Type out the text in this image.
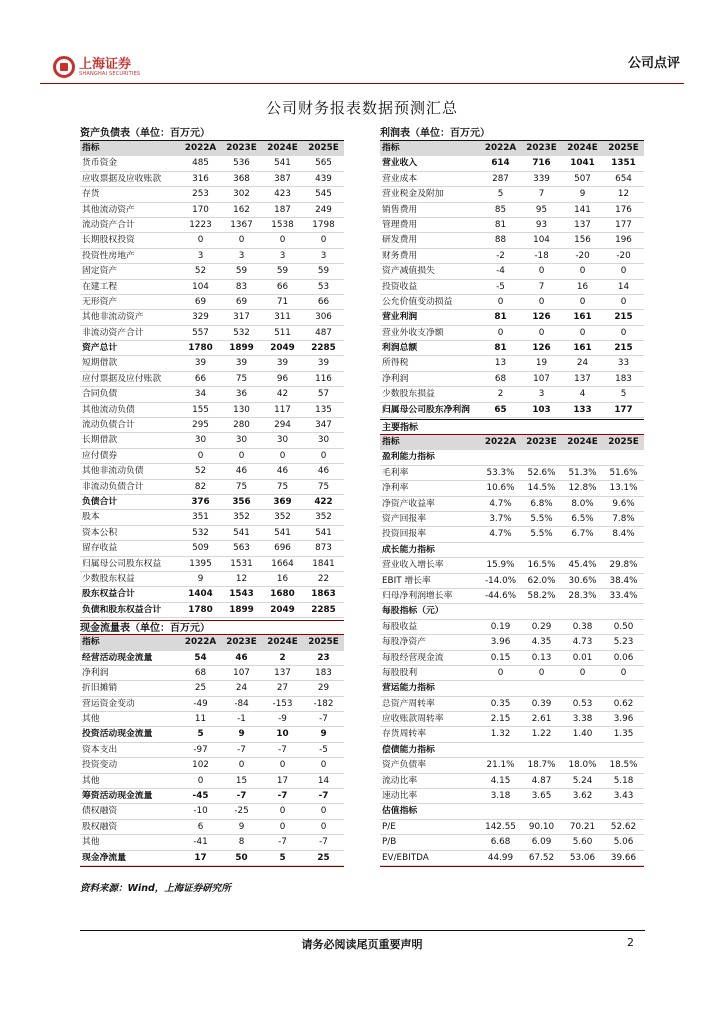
上海证券
SHANGHAI SECURITIES
公司点评
公司财务报表数据预测汇总
资产负债表（单位：百万元）
指标	2022A	2023E	2024E	2025E
货币资金	485	536	541	565
应收票据及应收账款	316	368	387	439
存货	253	302	423	545
其他流动资产	170	162	187	249
流动资产合计	1223	1367	1538	1798
长期股权投资	0	0	0	0
投资性房地产	3	3	3	3
固定资产	52	59	59	59
在建工程	104	83	66	53
无形资产	69	69	71	66
其他非流动资产	329	317	311	306
非流动资产合计	557	532	511	487
资产总计	1780	1899	2049	2285
短期借款	39	39	39	39
应付票据及应付账款	66	75	96	116
合同负债	34	36	42	57
其他流动负债	155	130	117	135
流动负债合计	295	280	294	347
长期借款	30	30	30	30
应付债券	0	0	0	0
其他非流动负债	52	46	46	46
非流动负债合计	82	75	75	75
负债合计	376	356	369	422
股本	351	352	352	352
资本公积	532	541	541	541
留存收益	509	563	696	873
归属母公司股东权益	1395	1531	1664	1841
少数股东权益	9	12	16	22
股东权益合计	1404	1543	1680	1863
负债和股东权益合计	1780	1899	2049	2285
现金流量表（单位：百万元）
指标	2022A	2023E	2024E	2025E
经营活动现金流量	54	46	2	23
净利润	68	107	137	183
折旧摊销	25	24	27	29
营运资金变动	-49	-84	-153	-182
其他	11	-1	-9	-7
投资活动现金流量	5	9	10	9
资本支出	-97	-7	-7	-5
投资变动	102	0	0	0
其他	0	15	17	14
筹资活动现金流量	-45	-7	-7	-7
债权融资	-10	-25	0	0
股权融资	6	9	0	0
其他	-41	8	-7	-7
现金净流量	17	50	5	25
利润表（单位：百万元）
指标	2022A	2023E	2024E	2025E
营业收入	614	716	1041	1351
营业成本	287	339	507	654
营业税金及附加	5	7	9	12
销售费用	85	95	141	176
管理费用	81	93	137	177
研发费用	88	104	156	196
财务费用	-2	-18	-20	-20
资产减值损失	-4	0	0	0
投资收益	-5	7	16	14
公允价值变动损益	0	0	0	0
营业利润	81	126	161	215
营业外收支净额	0	0	0	0
利润总额	81	126	161	215
所得税	13	19	24	33
净利润	68	107	137	183
少数股东损益	2	3	4	5
归属母公司股东净利润	65	103	133	177
主要指标
指标	2022A	2023E	2024E	2025E
盈利能力指标
毛利率	53.3%	52.6%	51.3%	51.6%
净利率	10.6%	14.5%	12.8%	13.1%
净资产收益率	4.7%	6.8%	8.0%	9.6%
资产回报率	3.7%	5.5%	6.5%	7.8%
投资回报率	4.7%	5.5%	6.7%	8.4%
成长能力指标
营业收入增长率	15.9%	16.5%	45.4%	29.8%
EBIT 增长率	-14.0%	62.0%	30.6%	38.4%
归母净利润增长率	-44.6%	58.2%	28.3%	33.4%
每股指标（元）
每股收益	0.19	0.29	0.38	0.50
每股净资产	3.96	4.35	4.73	5.23
每股经营现金流	0.15	0.13	0.01	0.06
每股股利	0	0	0	0
营运能力指标
总资产周转率	0.35	0.39	0.53	0.62
应收账款周转率	2.15	2.61	3.38	3.96
存货周转率	1.32	1.22	1.40	1.35
偿债能力指标
资产负债率	21.1%	18.7%	18.0%	18.5%
流动比率	4.15	4.87	5.24	5.18
速动比率	3.18	3.65	3.62	3.43
估值指标
P/E	142.55	90.10	70.21	52.62
P/B	6.68	6.09	5.60	5.06
EV/EBITDA	44.99	67.52	53.06	39.66
资料来源：Wind，上海证券研究所
请务必阅读尾页重要声明	2
